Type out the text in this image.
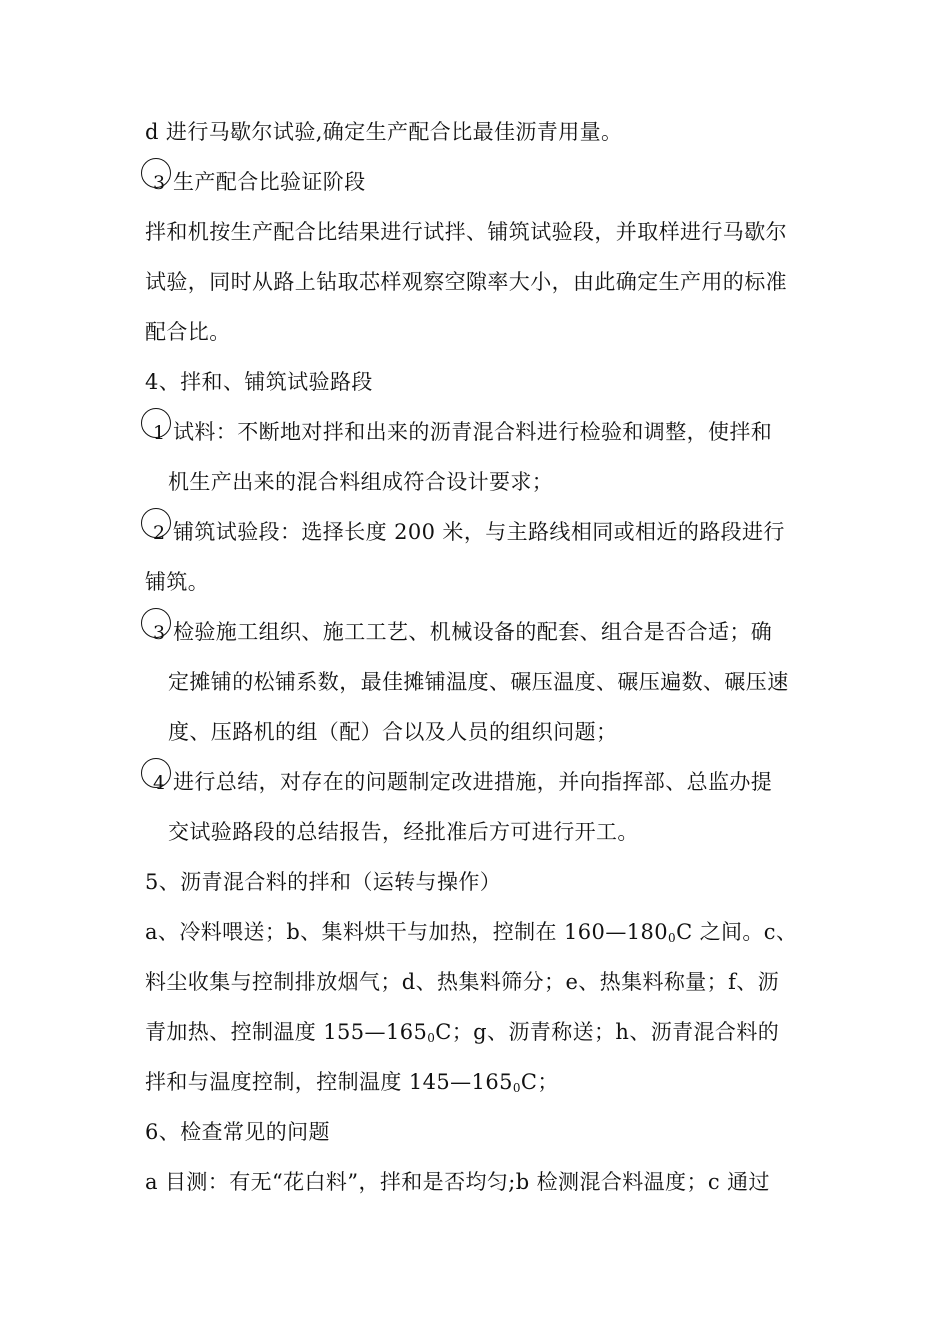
d 进行马歇尔试验,确定生产配合比最佳沥青用量。
3 生产配合比验证阶段
拌和机按生产配合比结果进行试拌、铺筑试验段，并取样进行马歇尔
试验，同时从路上钻取芯样观察空隙率大小，由此确定生产用的标准
配合比。
4、拌和、铺筑试验路段
1 试料：不断地对拌和出来的沥青混合料进行检验和调整，使拌和
机生产出来的混合料组成符合设计要求；
2 铺筑试验段：选择长度 200 米，与主路线相同或相近的路段进行
铺筑。
3 检验施工组织、施工工艺、机械设备的配套、组合是否合适；确
定摊铺的松铺系数，最佳摊铺温度、碾压温度、碾压遍数、碾压速
度、压路机的组（配）合以及人员的组织问题；
4 进行总结，对存在的问题制定改进措施，并向指挥部、总监办提
交试验路段的总结报告，经批准后方可进行开工。
5、沥青混合料的拌和（运转与操作）
a、冷料喂送；b、集料烘干与加热，控制在 $160—180_0C$ 之间。c、
料尘收集与控制排放烟气；d、热集料筛分；e、热集料称量；f、沥
青加热、控制温度 $155—165_0C$；g、沥青称送；h、沥青混合料的
拌和与温度控制，控制温度 $145—165_0C$；
6、检查常见的问题
a 目测：有无“花白料”，拌和是否均匀;b 检测混合料温度；c 通过
